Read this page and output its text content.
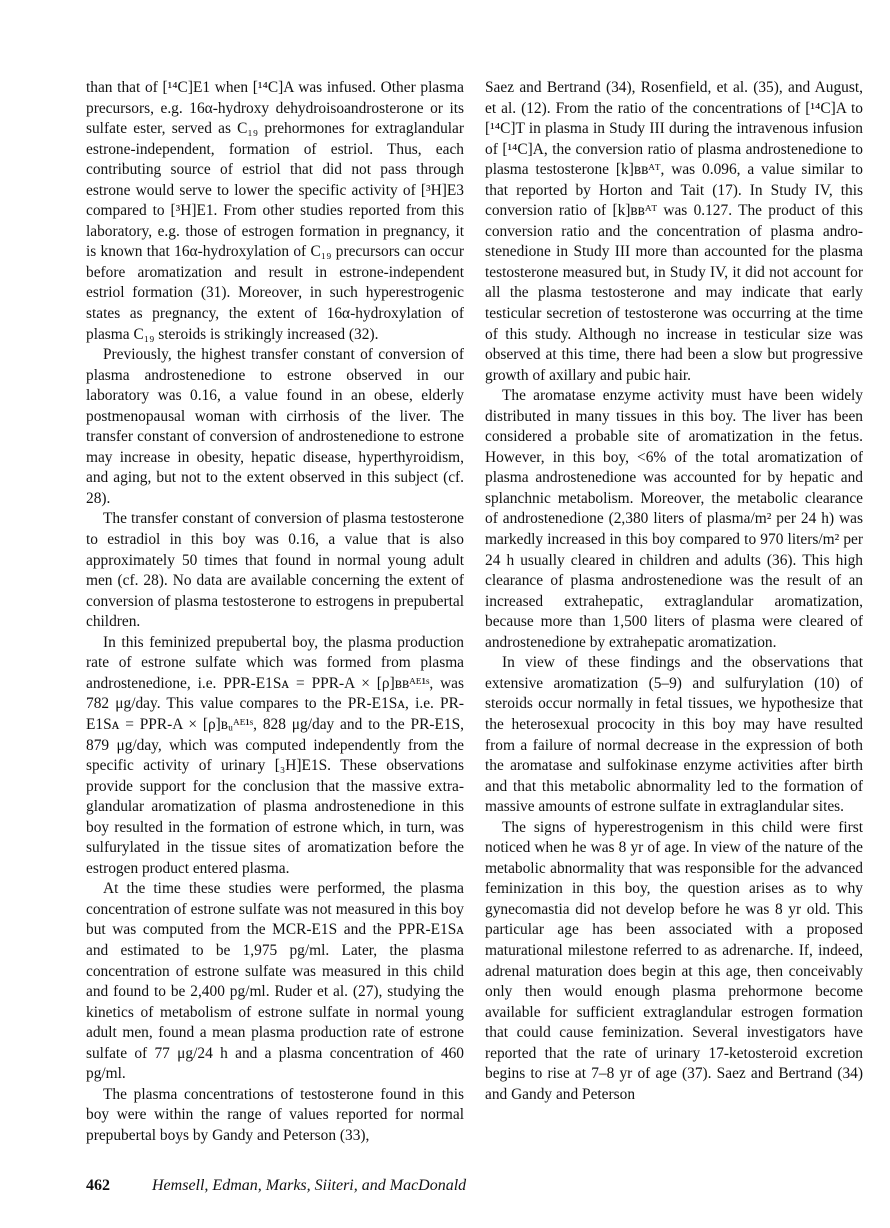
than that of [¹⁴C]E1 when [¹⁴C]A was infused. Other plasma precursors, e.g. 16α-hydroxy dehydroisoandrosterone or its sulfate ester, served as C₁₉ prehormones for extraglandular estrone-independent, formation of estriol. Thus, each contributing source of estriol that did not pass through estrone would serve to lower the specific activity of [³H]E3 compared to [³H]E1. From other studies reported from this laboratory, e.g. those of estrogen formation in pregnancy, it is known that 16α-hydroxylation of C₁₉ precursors can occur before aromatization and result in estrone-independent estriol formation (31). Moreover, in such hyperestrogenic states as pregnancy, the extent of 16α-hydroxylation of plasma C₁₉ steroids is strikingly increased (32).

Previously, the highest transfer constant of conversion of plasma androstenedione to estrone observed in our laboratory was 0.16, a value found in an obese, elderly postmenopausal woman with cirrhosis of the liver. The transfer constant of conversion of androstenedione to estrone may increase in obesity, hepatic disease, hyperthyroidism, and aging, but not to the extent observed in this subject (cf. 28).

The transfer constant of conversion of plasma testosterone to estradiol in this boy was 0.16, a value that is also approximately 50 times that found in normal young adult men (cf. 28). No data are available concerning the extent of conversion of plasma testosterone to estrogens in prepubertal children.

In this feminized prepubertal boy, the plasma production rate of estrone sulfate which was formed from plasma androstenedione, i.e. PPR-E1Sᴀ = PPR-A × [ρ]ʙʙᴬᴱ¹ˢ, was 782 μg/day. This value compares to the PR-E1Sᴀ, i.e. PR-E1Sᴀ = PPR-A × [ρ]ʙᵤᴬᴱ¹ˢ, 828 μg/day and to the PR-E1S, 879 μg/day, which was computed independently from the specific activity of urinary [₃H]E1S. These observations provide support for the conclusion that the massive extraglandular aromatization of plasma androstenedione in this boy resulted in the formation of estrone which, in turn, was sulfurylated in the tissue sites of aromatization before the estrogen product entered plasma.

At the time these studies were performed, the plasma concentration of estrone sulfate was not measured in this boy but was computed from the MCR-E1S and the PPR-E1Sᴀ and estimated to be 1,975 pg/ml. Later, the plasma concentration of estrone sulfate was measured in this child and found to be 2,400 pg/ml. Ruder et al. (27), studying the kinetics of metabolism of estrone sulfate in normal young adult men, found a mean plasma production rate of estrone sulfate of 77 μg/24 h and a plasma concentration of 460 pg/ml.

The plasma concentrations of testosterone found in this boy were within the range of values reported for normal prepubertal boys by Gandy and Peterson (33),

Saez and Bertrand (34), Rosenfield, et al. (35), and August, et al. (12). From the ratio of the concentrations of [¹⁴C]A to [¹⁴C]T in plasma in Study III during the intravenous infusion of [¹⁴C]A, the conversion ratio of plasma androstenedione to plasma testosterone [k]ʙʙᴬᵀ, was 0.096, a value similar to that reported by Horton and Tait (17). In Study IV, this conversion ratio of [k]ʙʙᴬᵀ was 0.127. The product of this conversion ratio and the concentration of plasma androstenedione in Study III more than accounted for the plasma testosterone measured but, in Study IV, it did not account for all the plasma testosterone and may indicate that early testicular secretion of testosterone was occurring at the time of this study. Although no increase in testicular size was observed at this time, there had been a slow but progressive growth of axillary and pubic hair.

The aromatase enzyme activity must have been widely distributed in many tissues in this boy. The liver has been considered a probable site of aromatization in the fetus. However, in this boy, <6% of the total aromatization of plasma androstenedione was accounted for by hepatic and splanchnic metabolism. Moreover, the metabolic clearance of androstenedione (2,380 liters of plasma/m² per 24 h) was markedly increased in this boy compared to 970 liters/m² per 24 h usually cleared in children and adults (36). This high clearance of plasma androstenedione was the result of an increased extrahepatic, extraglandular aromatization, because more than 1,500 liters of plasma were cleared of androstenedione by extrahepatic aromatization.

In view of these findings and the observations that extensive aromatization (5–9) and sulfurylation (10) of steroids occur normally in fetal tissues, we hypothesize that the heterosexual prococity in this boy may have resulted from a failure of normal decrease in the expression of both the aromatase and sulfokinase enzyme activities after birth and that this metabolic abnormality led to the formation of massive amounts of estrone sulfate in extraglandular sites.

The signs of hyperestrogenism in this child were first noticed when he was 8 yr of age. In view of the nature of the metabolic abnormality that was responsible for the advanced feminization in this boy, the question arises as to why gynecomastia did not develop before he was 8 yr old. This particular age has been associated with a proposed maturational milestone referred to as adrenarche. If, indeed, adrenal maturation does begin at this age, then conceivably only then would enough plasma prehormone become available for sufficient extraglandular estrogen formation that could cause feminization. Several investigators have reported that the rate of urinary 17-ketosteroid excretion begins to rise at 7–8 yr of age (37). Saez and Bertrand (34) and Gandy and Peterson

462	Hemsell, Edman, Marks, Siiteri, and MacDonald
